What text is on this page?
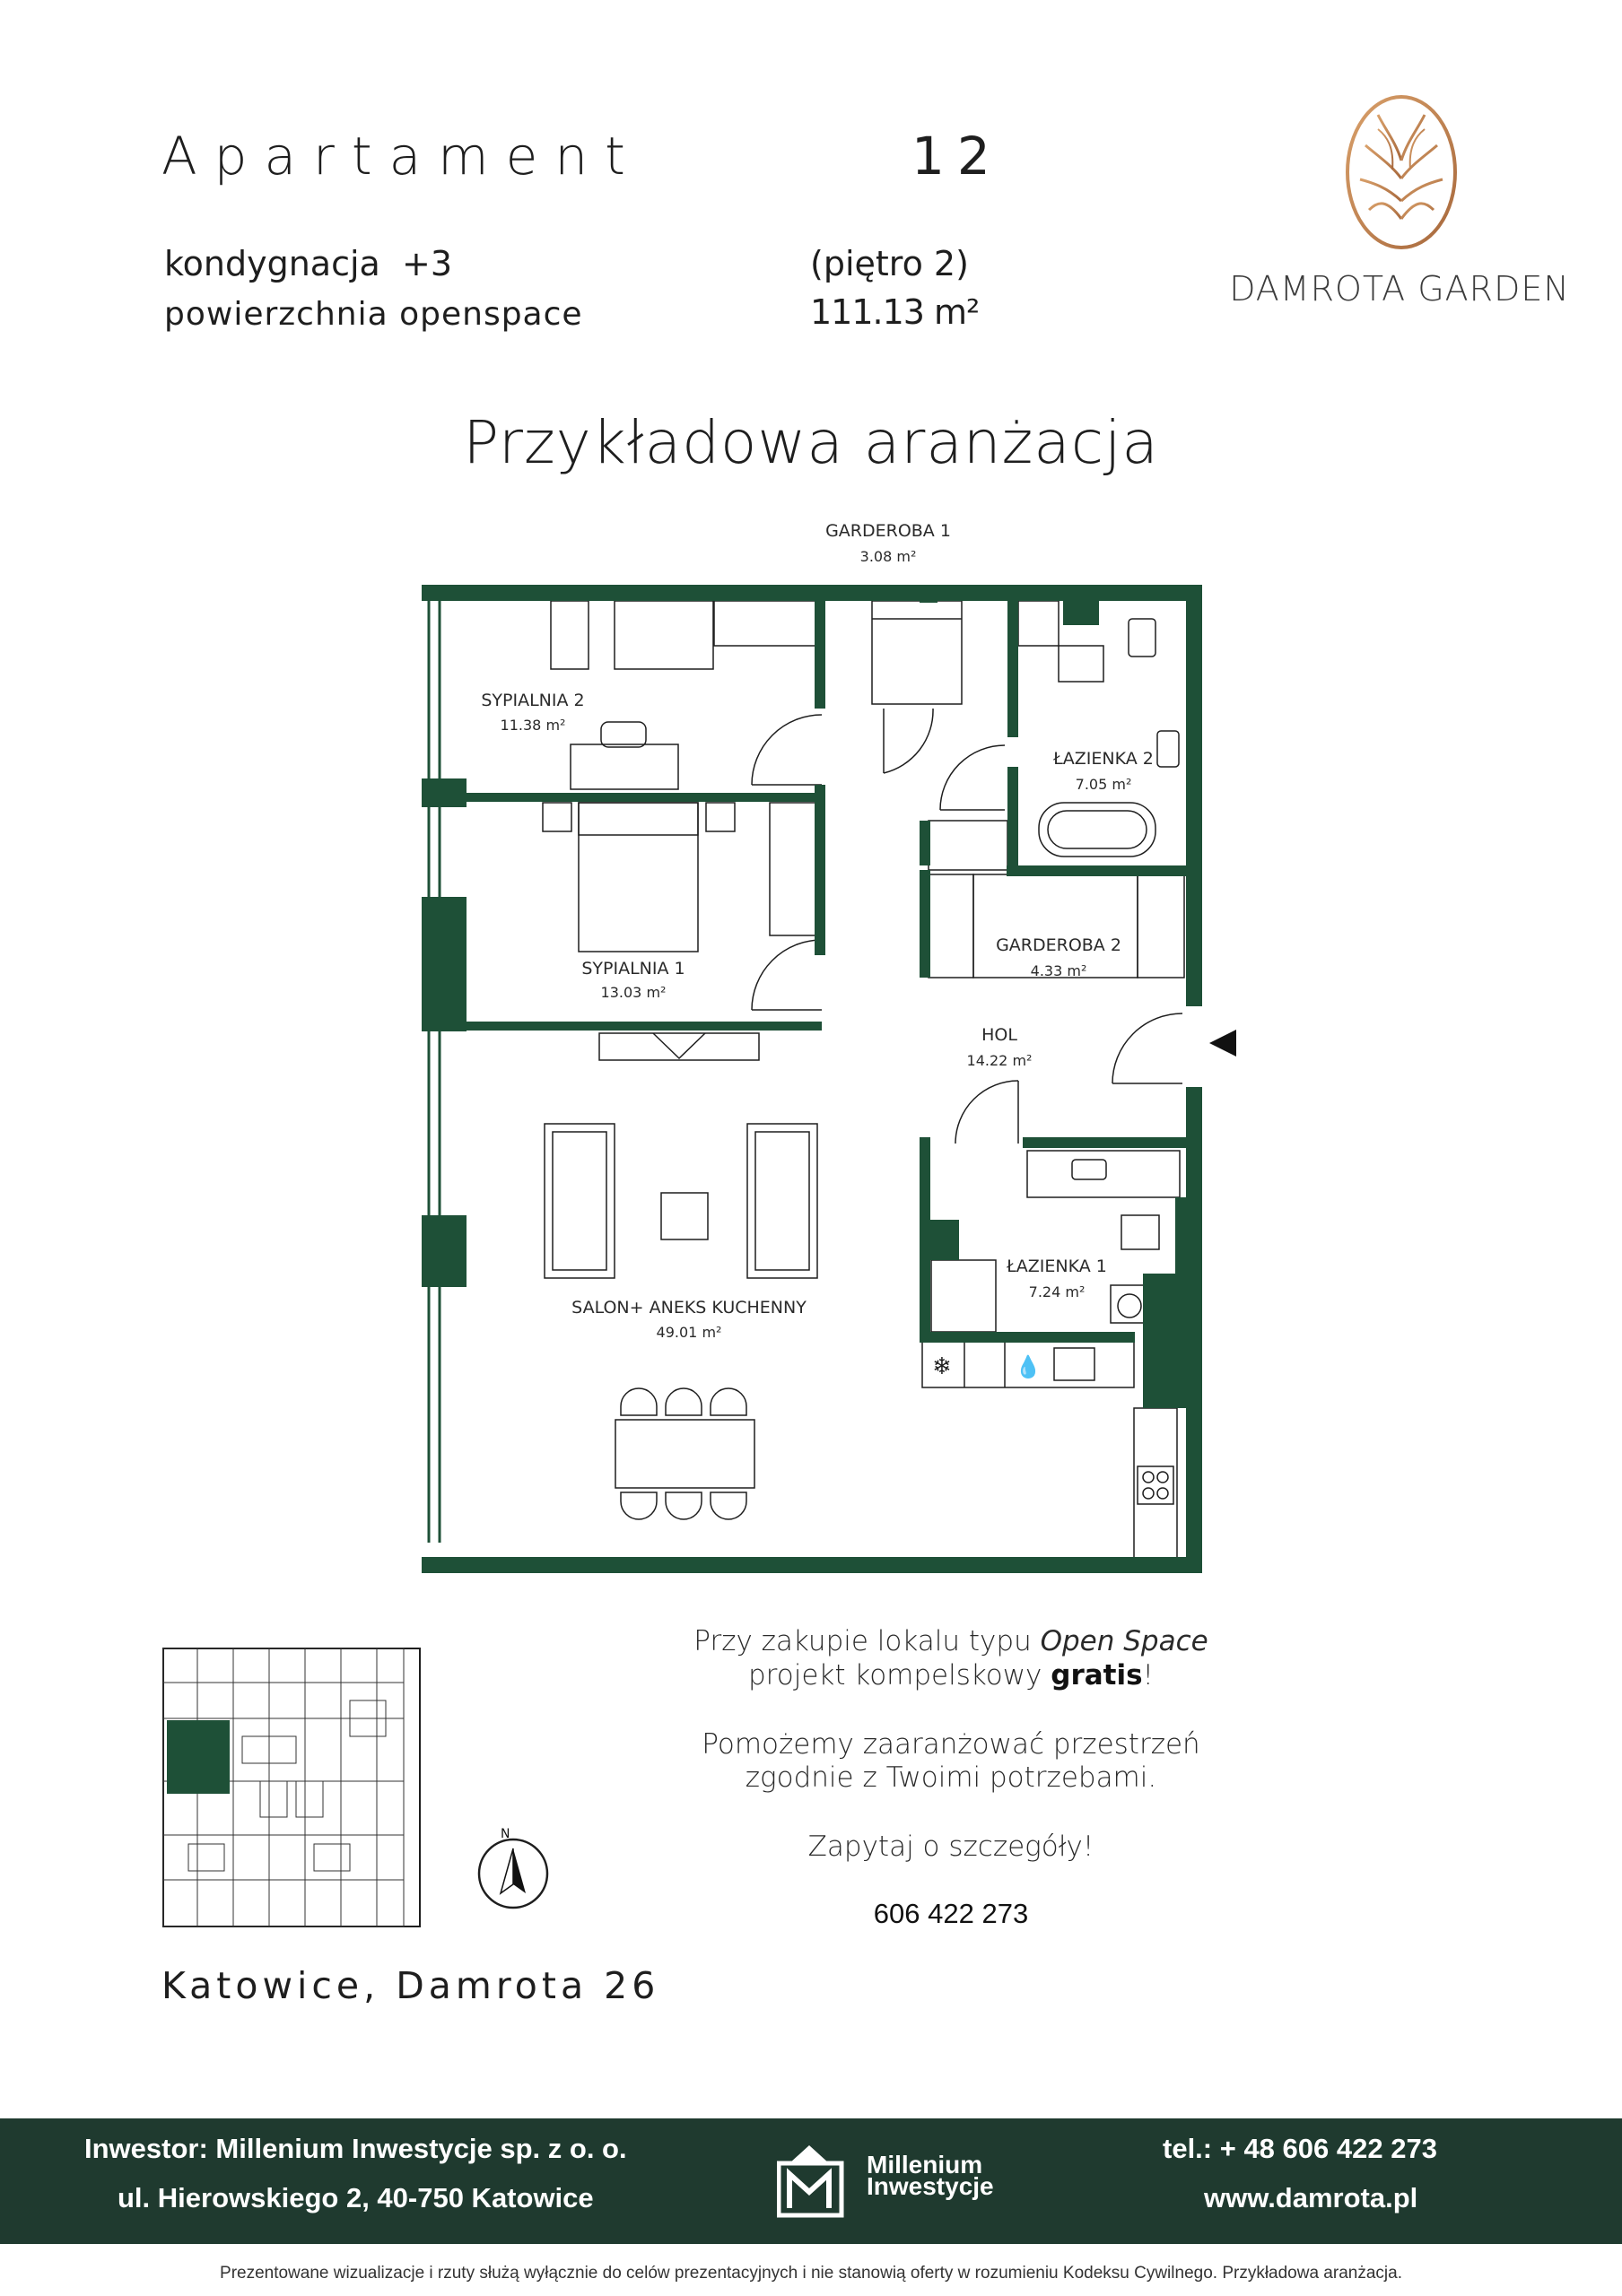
Apartament	12
kondygnacja +3	(piętro 2)
powierzchnia openspace	111.13 m²
DAMROTA GARDEN
Przykładowa aranżacja
❄	💧
GARDEROBA 1
3.08 m²
SYPIALNIA 2
11.38 m²
ŁAZIENKA 2
7.05 m²
SYPIALNIA 1
13.03 m²
GARDEROBA 2
4.33 m²
HOL
14.22 m²
ŁAZIENKA 1
7.24 m²
SALON+ ANEKS KUCHENNY
49.01 m²
N
Przy zakupie lokalu typu Open Space
projekt kompelskowy gratis!
Pomożemy zaaranżować przestrzeń
zgodnie z Twoimi potrzebami.
Zapytaj o szczegóły!
606 422 273
Katowice, Damrota 26
Inwestor: Millenium Inwestycje sp. z o. o.
ul. Hierowskiego 2, 40-750 Katowice
Millenium
Inwestycje
tel.: + 48 606 422 273
www.damrota.pl
Prezentowane wizualizacje i rzuty służą wyłącznie do celów prezentacyjnych i nie stanowią oferty w rozumieniu Kodeksu Cywilnego. Przykładowa aranżacja.
